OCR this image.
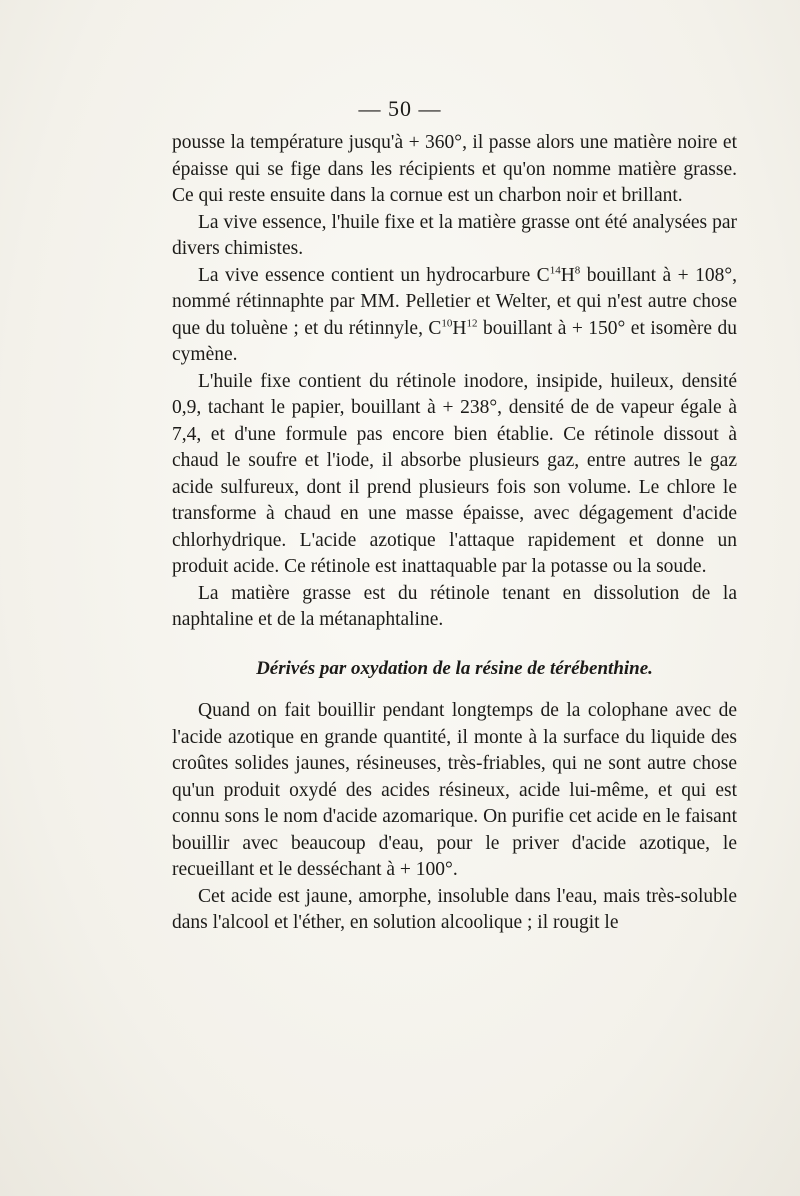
— 50 —

pousse la température jusqu'à + 360°, il passe alors une matière noire et épaisse qui se fige dans les récipients et qu'on nomme matière grasse. Ce qui reste ensuite dans la cornue est un charbon noir et brillant.

La vive essence, l'huile fixe et la matière grasse ont été analysées par divers chimistes.

La vive essence contient un hydrocarbure $C^{14}H^8$ bouillant à + 108°, nommé rétinnaphte par MM. Pelletier et Welter, et qui n'est autre chose que du toluène ; et du rétinnyle, $C^{10}H^{12}$ bouillant à + 150° et isomère du cymène.

L'huile fixe contient du rétinole inodore, insipide, huileux, densité 0,9, tachant le papier, bouillant à + 238°, densité de de vapeur égale à 7,4, et d'une formule pas encore bien établie. Ce rétinole dissout à chaud le soufre et l'iode, il absorbe plusieurs gaz, entre autres le gaz acide sulfureux, dont il prend plusieurs fois son volume. Le chlore le transforme à chaud en une masse épaisse, avec dégagement d'acide chlorhydrique. L'acide azotique l'attaque rapidement et donne un produit acide. Ce rétinole est inattaquable par la potasse ou la soude.

La matière grasse est du rétinole tenant en dissolution de la naphtaline et de la métanaphtaline.

Dérivés par oxydation de la résine de térébenthine.

Quand on fait bouillir pendant longtemps de la colophane avec de l'acide azotique en grande quantité, il monte à la surface du liquide des croûtes solides jaunes, résineuses, très-friables, qui ne sont autre chose qu'un produit oxydé des acides résineux, acide lui-même, et qui est connu sons le nom d'acide azomarique. On purifie cet acide en le faisant bouillir avec beaucoup d'eau, pour le priver d'acide azotique, le recueillant et le desséchant à + 100°.

Cet acide est jaune, amorphe, insoluble dans l'eau, mais très-soluble dans l'alcool et l'éther, en solution alcoolique ; il rougit le
